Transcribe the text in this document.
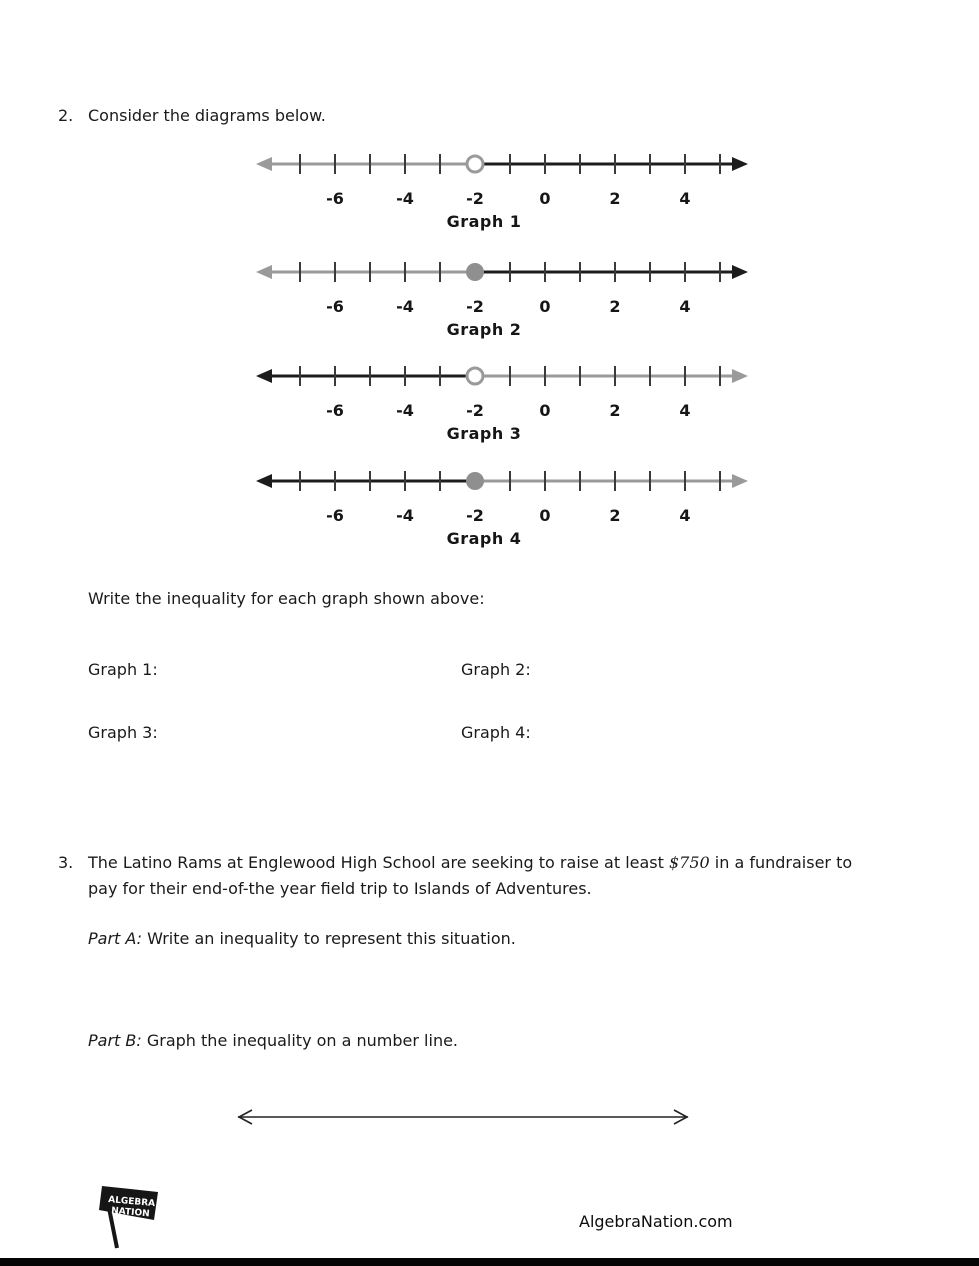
2. Consider the diagrams below.
-6	-4	-2	0	2	4
Graph 1
-6	-4	-2	0	2	4
Graph 2
-6	-4	-2	0	2	4
Graph 3
-6	-4	-2	0	2	4
Graph 4
Write the inequality for each graph shown above:
Graph 1:	Graph 2:
Graph 3:	Graph 4:
3. The Latino Rams at Englewood High School are seeking to raise at least $750 in a fundraiser to pay for their end-of-the year field trip to Islands of Adventures.
Part A: Write an inequality to represent this situation.
Part B: Graph the inequality on a number line.
ALGEBRA
NATION	AlgebraNation.com
